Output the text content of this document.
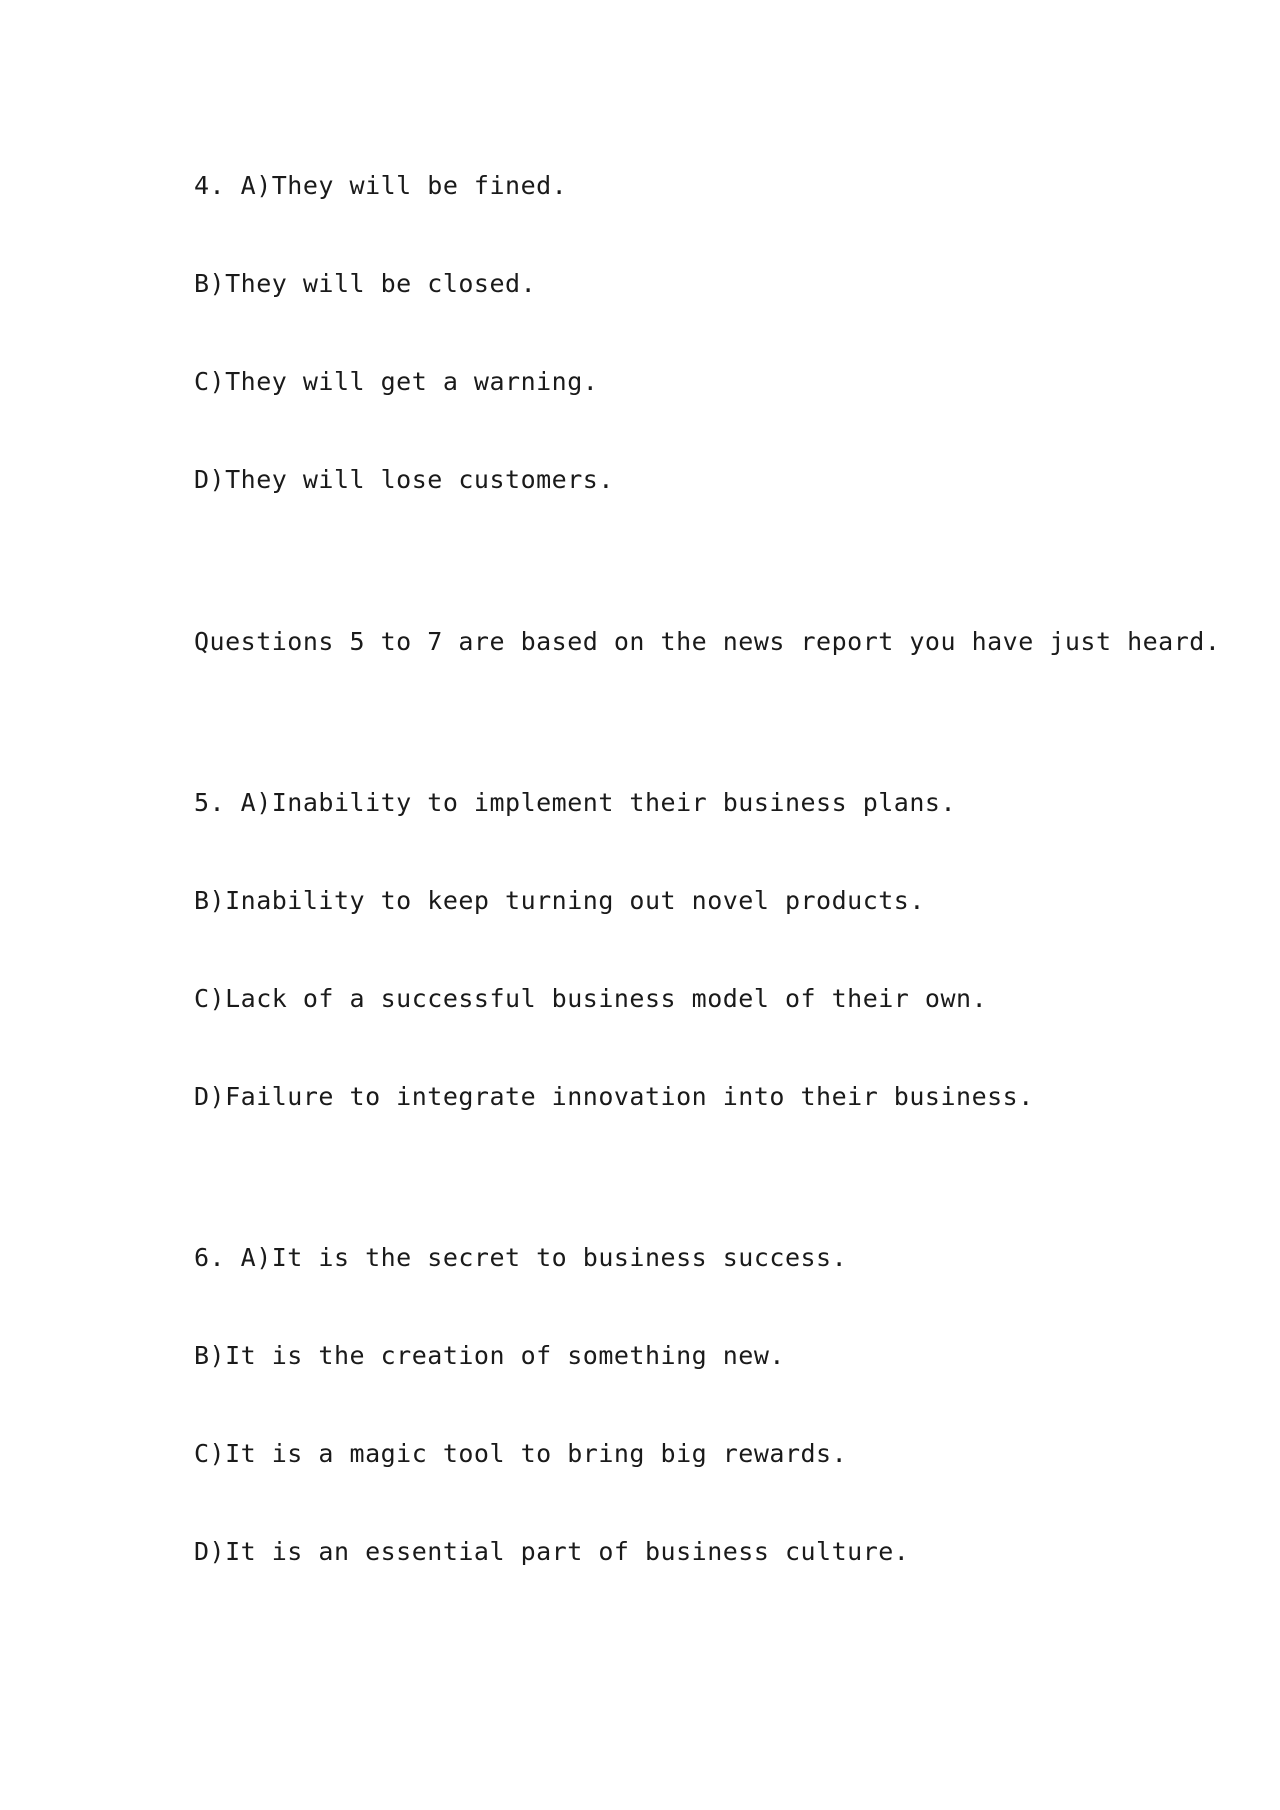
4. A)They will be fined.
B)They will be closed.
C)They will get a warning.
D)They will lose customers.
Questions 5 to 7 are based on the news report you have just heard.
5. A)Inability to implement their business plans.
B)Inability to keep turning out novel products.
C)Lack of a successful business model of their own.
D)Failure to integrate innovation into their business.
6. A)It is the secret to business success.
B)It is the creation of something new.
C)It is a magic tool to bring big rewards.
D)It is an essential part of business culture.
